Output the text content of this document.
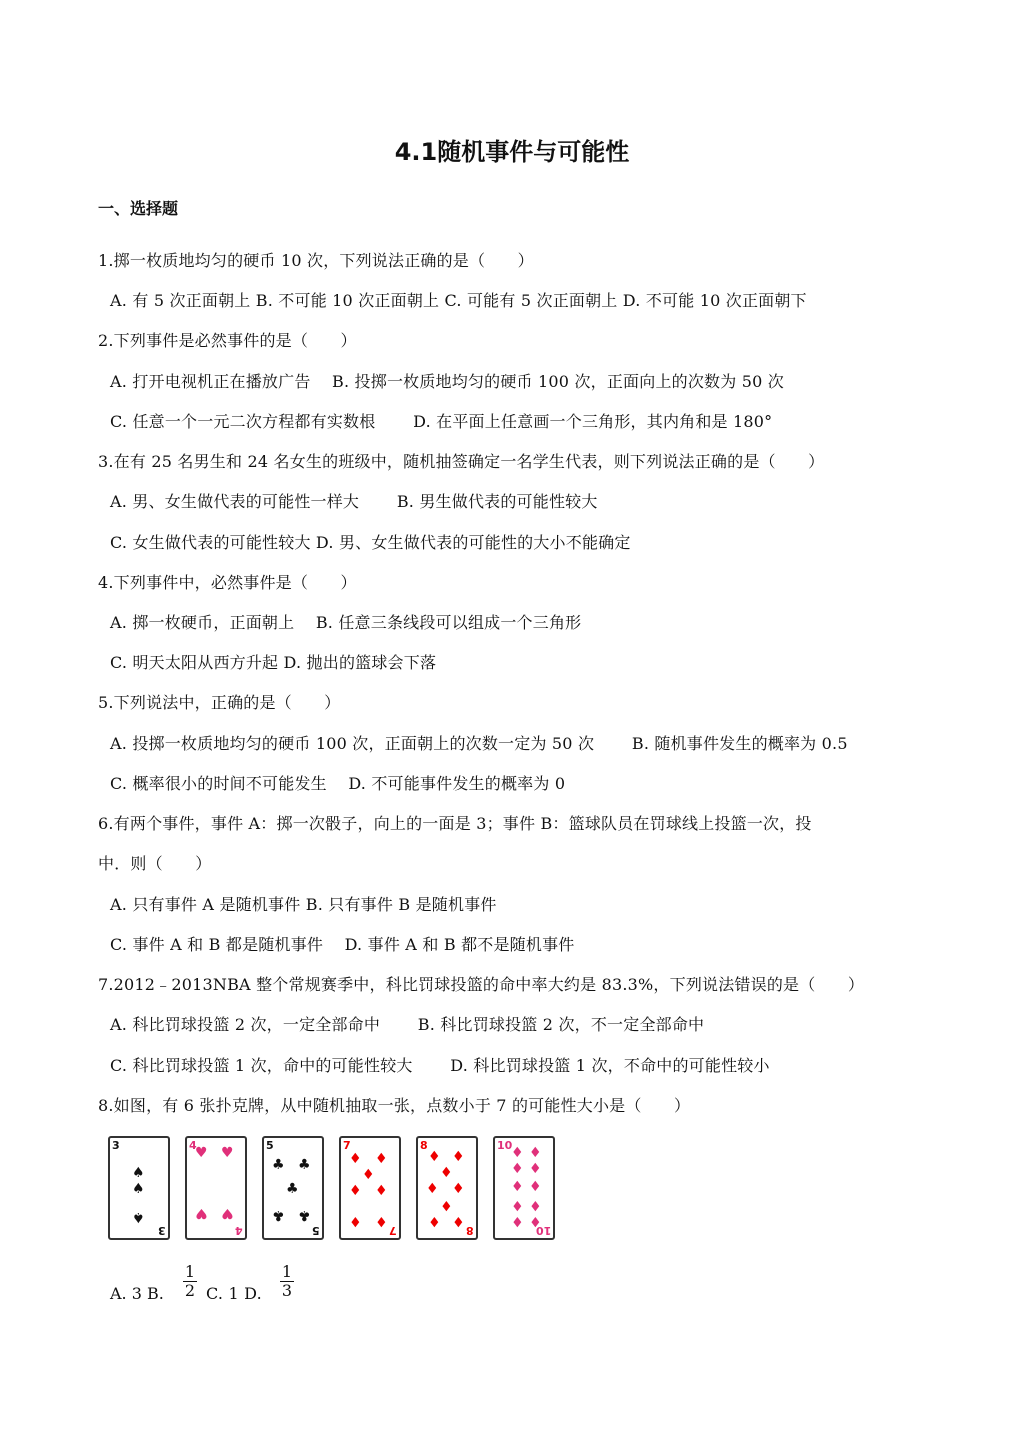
4.1随机事件与可能性
一、选择题
1.掷一枚质地均匀的硬币 10 次，下列说法正确的是（　　）
A. 有 5 次正面朝上 B. 不可能 10 次正面朝上 C. 可能有 5 次正面朝上 D. 不可能 10 次正面朝下
2.下列事件是必然事件的是（　　）
A. 打开电视机正在播放广告　 B. 投掷一枚质地均匀的硬币 100 次，正面向上的次数为 50 次
C. 任意一个一元二次方程都有实数根　　 D. 在平面上任意画一个三角形，其内角和是 180°
3.在有 25 名男生和 24 名女生的班级中，随机抽签确定一名学生代表，则下列说法正确的是（　　）
A. 男、女生做代表的可能性一样大　　 B. 男生做代表的可能性较大
C. 女生做代表的可能性较大 D. 男、女生做代表的可能性的大小不能确定
4.下列事件中，必然事件是（　　）
A. 掷一枚硬币，正面朝上　 B. 任意三条线段可以组成一个三角形
C. 明天太阳从西方升起 D. 抛出的篮球会下落
5.下列说法中，正确的是（　　）
A. 投掷一枚质地均匀的硬币 100 次，正面朝上的次数一定为 50 次　　 B. 随机事件发生的概率为 0.5
C. 概率很小的时间不可能发生　 D. 不可能事件发生的概率为 0
6.有两个事件，事件 A：掷一次骰子，向上的一面是 3；事件 B：篮球队员在罚球线上投篮一次，投
中．则（　　）
A. 只有事件 A 是随机事件 B. 只有事件 B 是随机事件
C. 事件 A 和 B 都是随机事件　 D. 事件 A 和 B 都不是随机事件
7.2012﹣2013NBA 整个常规赛季中，科比罚球投篮的命中率大约是 83.3%，下列说法错误的是（　　）
A. 科比罚球投篮 2 次，一定全部命中　　 B. 科比罚球投篮 2 次，不一定全部命中
C. 科比罚球投篮 1 次，命中的可能性较大　　 D. 科比罚球投篮 1 次，不命中的可能性较小
8.如图，有 6 张扑克牌，从中随机抽取一张，点数小于 7 的可能性大小是（　　）
3
3
♠
♠
♠
4
4
♥ ♥
♥ ♥
5
5
♣ ♣
♣
♣ ♣
7
7
♦ ♦
♦
♦ ♦
♦ ♦
8
8
♦ ♦
♦
♦ ♦
♦
♦ ♦
10
10
♦ ♦
♦ ♦
♦ ♦
♦ ♦
♦ ♦
A. 3 B.
1
2 C. 1 D.
1
3
